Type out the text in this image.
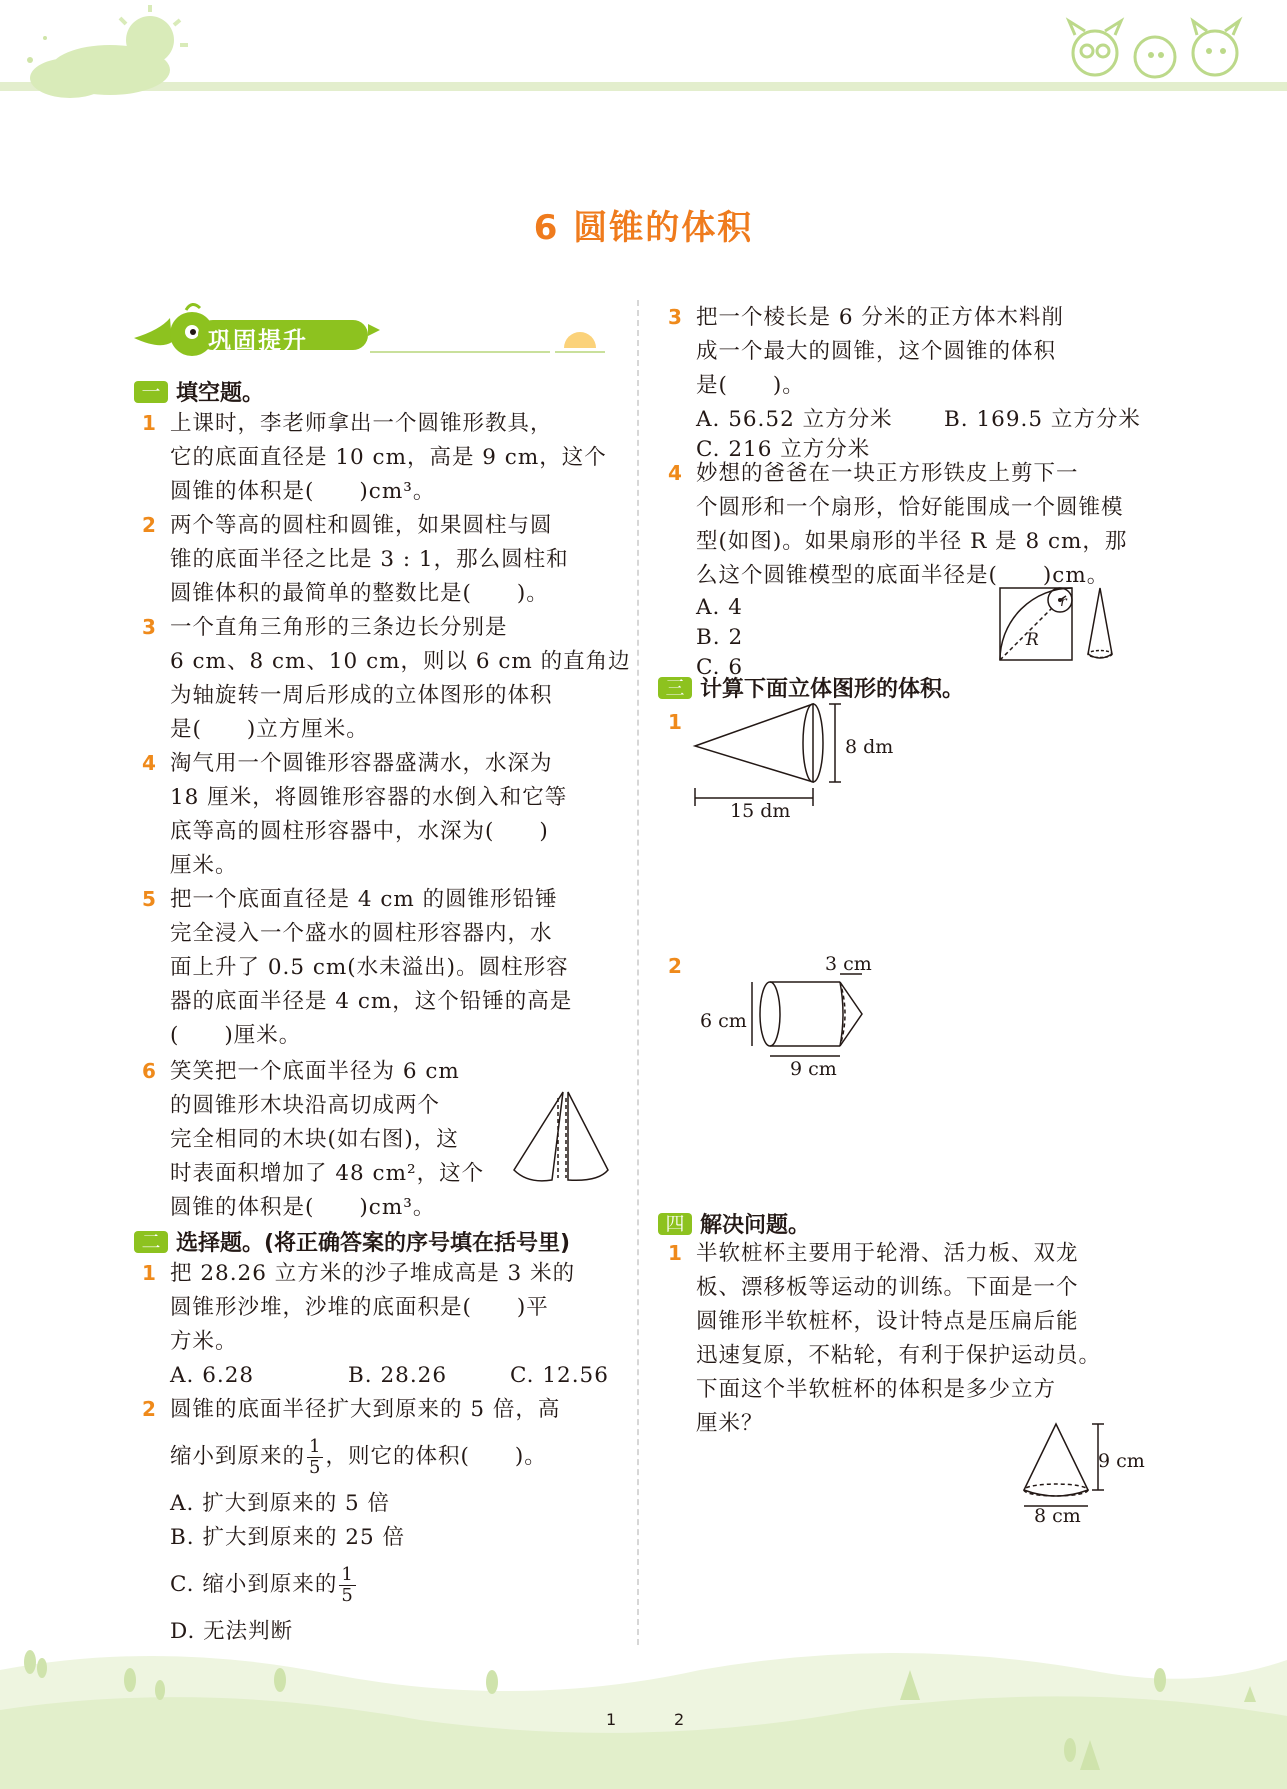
6 圆锥的体积
巩固提升
一 填空题。
1 上课时，李老师拿出一个圆锥形教具，
它的底面直径是 10 cm，高是 9 cm，这个
圆锥的体积是(　　)cm³。
2 两个等高的圆柱和圆锥，如果圆柱与圆
锥的底面半径之比是 3 : 1，那么圆柱和
圆锥体积的最简单的整数比是(　　)。
3 一个直角三角形的三条边长分别是
6 cm、8 cm、10 cm，则以 6 cm 的直角边
为轴旋转一周后形成的立体图形的体积
是(　　)立方厘米。
4 淘气用一个圆锥形容器盛满水，水深为
18 厘米，将圆锥形容器的水倒入和它等
底等高的圆柱形容器中，水深为(　　)
厘米。
5 把一个底面直径是 4 cm 的圆锥形铅锤
完全浸入一个盛水的圆柱形容器内，水
面上升了 0.5 cm(水未溢出)。圆柱形容
器的底面半径是 4 cm，这个铅锤的高是
(　　)厘米。
6 笑笑把一个底面半径为 6 cm
的圆锥形木块沿高切成两个
完全相同的木块(如右图)，这
时表面积增加了 48 cm²，这个
圆锥的体积是(　　)cm³。
二 选择题。(将正确答案的序号填在括号里)
1 把 28.26 立方米的沙子堆成高是 3 米的
圆锥形沙堆，沙堆的底面积是(　　)平
方米。
A. 6.28	B. 28.26	C. 12.56
2 圆锥的底面半径扩大到原来的 5 倍，高
缩小到原来的 $\frac{1}{5}$ ，则它的体积(　　)。
A. 扩大到原来的 5 倍
B. 扩大到原来的 25 倍
C. 缩小到原来的 $\frac{1}{5}$
D. 无法判断
3 把一个棱长是 6 分米的正方体木料削
成一个最大的圆锥，这个圆锥的体积
是(　　)。
A. 56.52 立方分米 B. 169.5 立方分米
C. 216 立方分米
4 妙想的爸爸在一块正方形铁皮上剪下一
个圆形和一个扇形，恰好能围成一个圆锥模
型(如图)。如果扇形的半径 R 是 8 cm，那
么这个圆锥模型的底面半径是(　　)cm。
A. 4
B. 2
C. 6
r
R
三 计算下面立体图形的体积。
1
8 dm
15 dm
2	3 cm
6 cm
9 cm
四 解决问题。
1 半软桩杯主要用于轮滑、活力板、双龙
板、漂移板等运动的训练。下面是一个
圆锥形半软桩杯，设计特点是压扁后能
迅速复原，不粘轮，有利于保护运动员。
下面这个半软桩杯的体积是多少立方
厘米？
9 cm
8 cm
1	2
